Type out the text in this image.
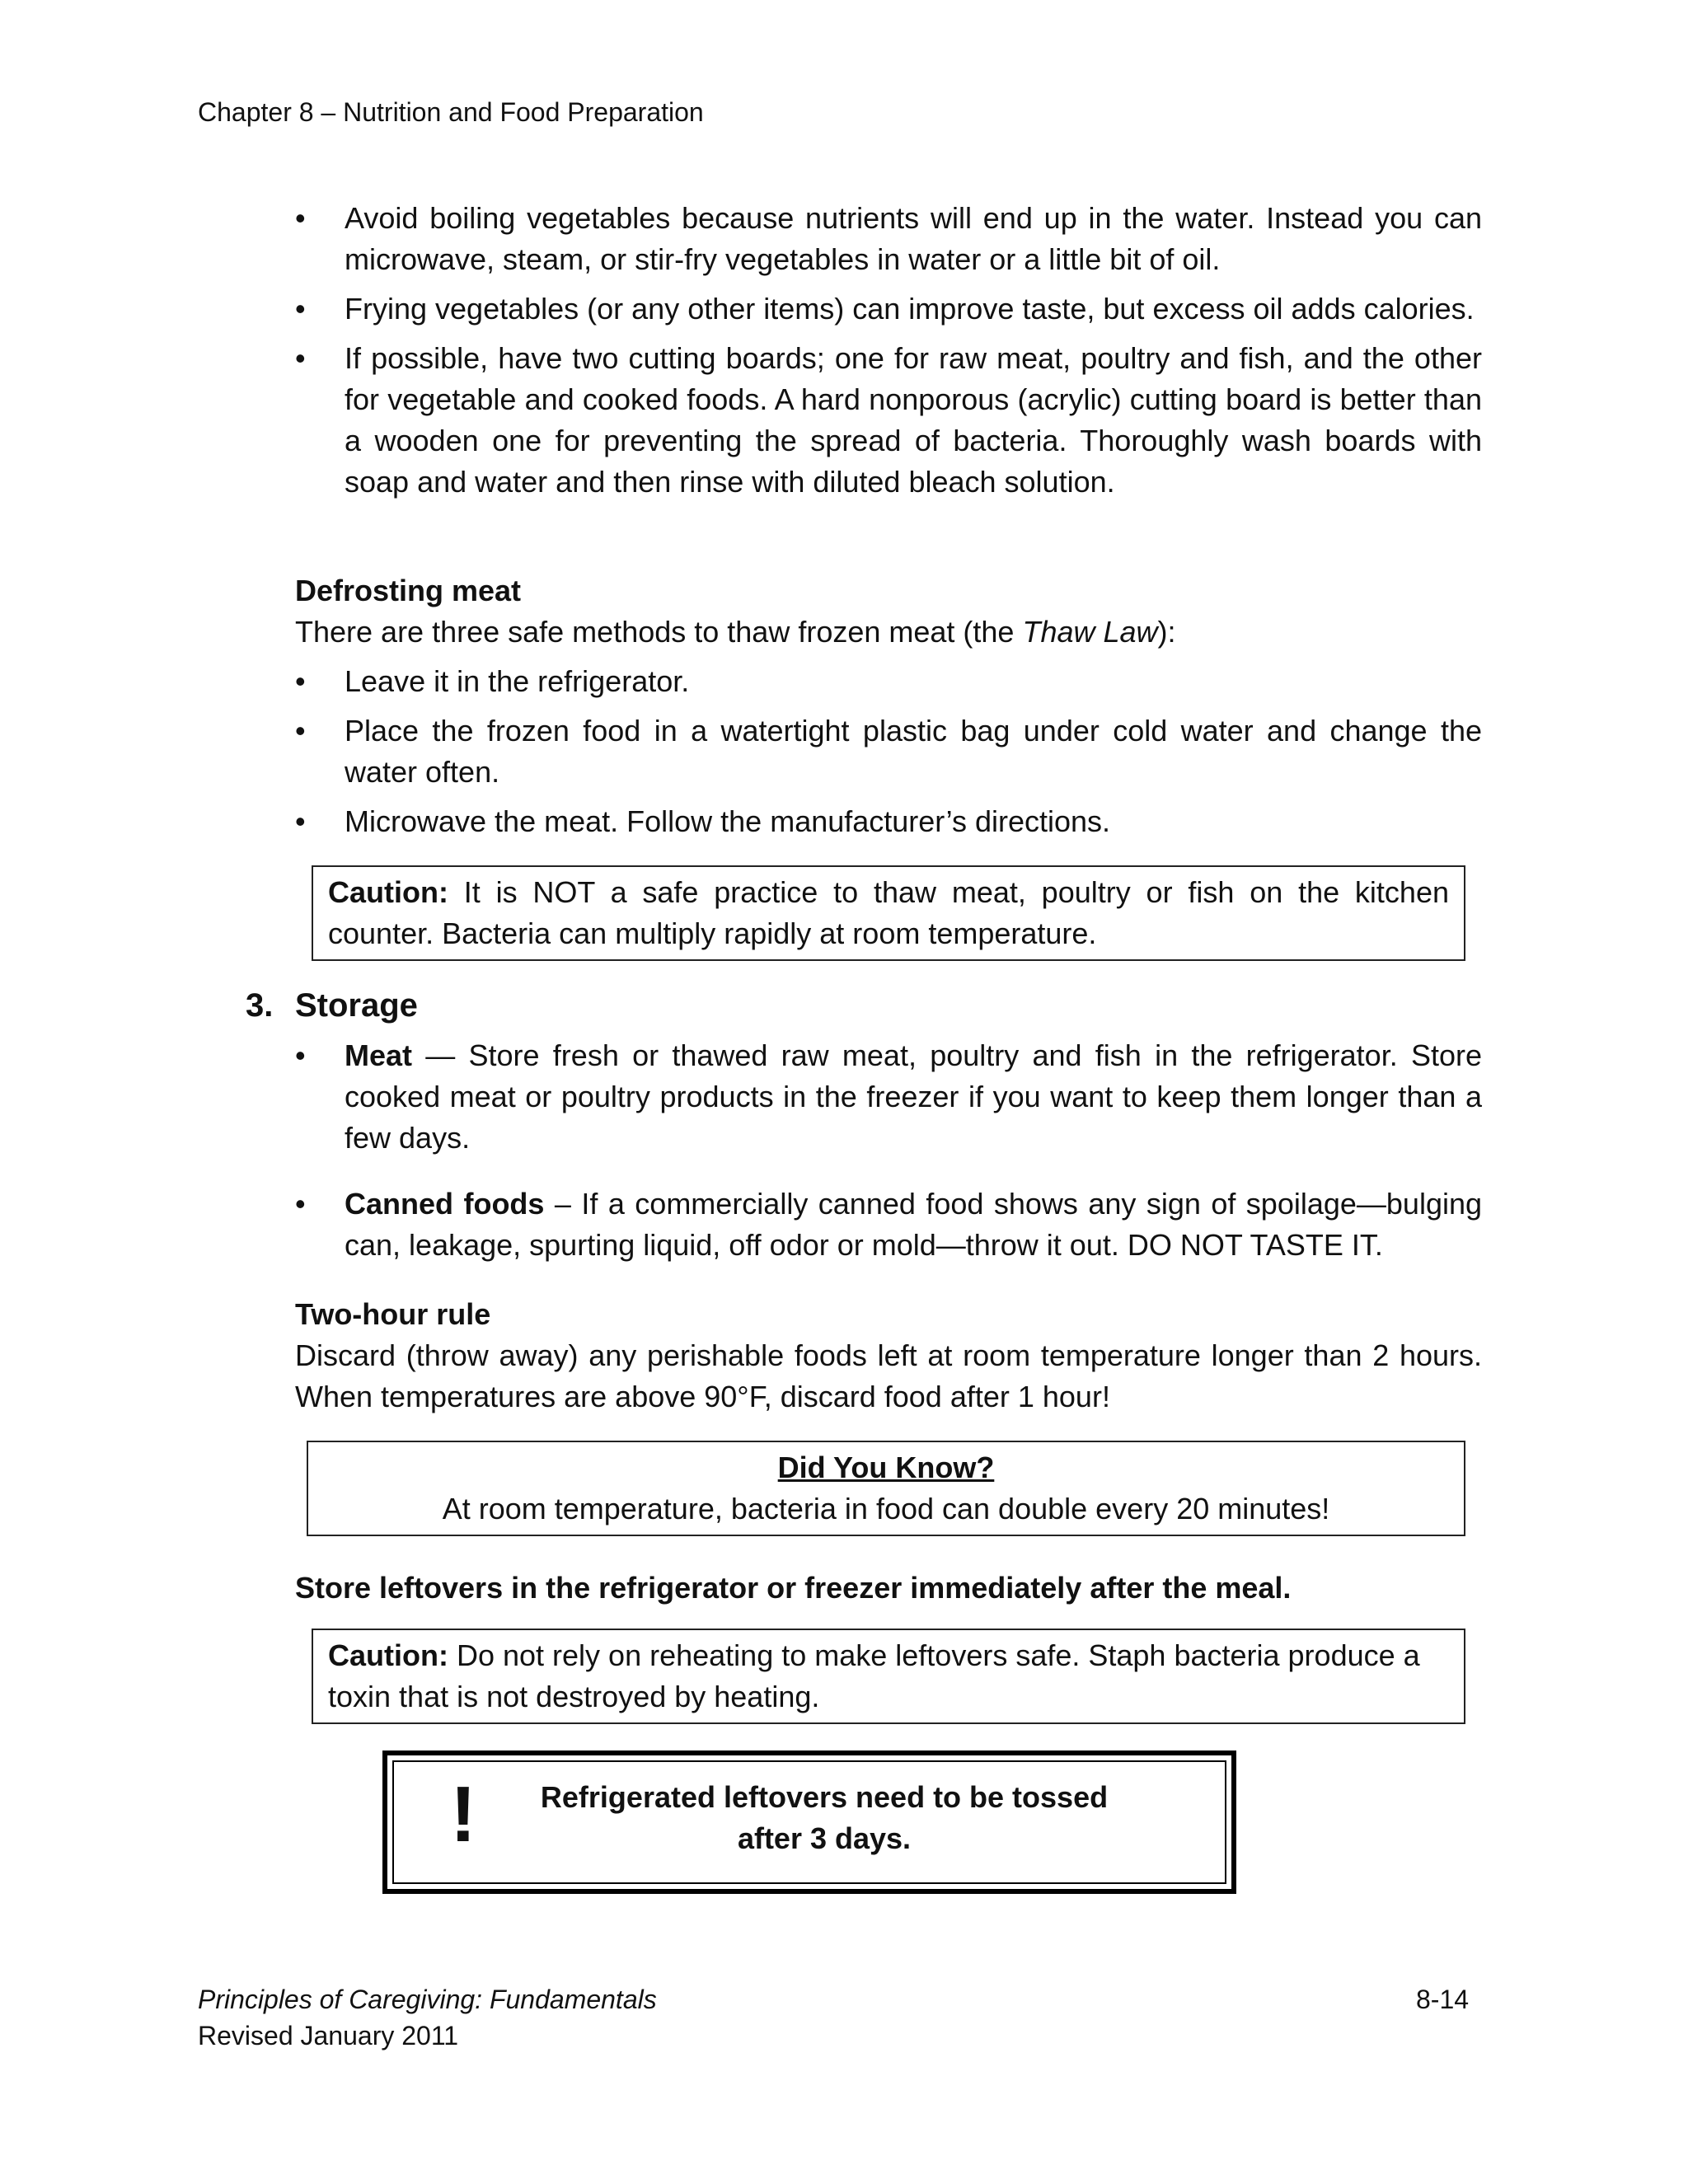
Chapter 8 – Nutrition and Food Preparation
• Avoid boiling vegetables because nutrients will end up in the water. Instead you can microwave, steam, or stir-fry vegetables in water or a little bit of oil.
• Frying vegetables (or any other items) can improve taste, but excess oil adds calories.
• If possible, have two cutting boards; one for raw meat, poultry and fish, and the other for vegetable and cooked foods. A hard nonporous (acrylic) cutting board is better than a wooden one for preventing the spread of bacteria. Thoroughly wash boards with soap and water and then rinse with diluted bleach solution.
Defrosting meat
There are three safe methods to thaw frozen meat (the Thaw Law):
• Leave it in the refrigerator.
• Place the frozen food in a watertight plastic bag under cold water and change the water often.
• Microwave the meat. Follow the manufacturer’s directions.
Caution: It is NOT a safe practice to thaw meat, poultry or fish on the kitchen counter. Bacteria can multiply rapidly at room temperature.
3. Storage
• Meat — Store fresh or thawed raw meat, poultry and fish in the refrigerator. Store cooked meat or poultry products in the freezer if you want to keep them longer than a few days.
• Canned foods – If a commercially canned food shows any sign of spoilage—bulging can, leakage, spurting liquid, off odor or mold—throw it out. DO NOT TASTE IT.
Two-hour rule
Discard (throw away) any perishable foods left at room temperature longer than 2 hours. When temperatures are above 90°F, discard food after 1 hour!
Did You Know?
At room temperature, bacteria in food can double every 20 minutes!
Store leftovers in the refrigerator or freezer immediately after the meal.
Caution: Do not rely on reheating to make leftovers safe. Staph bacteria produce a toxin that is not destroyed by heating.
!	Refrigerated leftovers need to be tossed
after 3 days.
Principles of Caregiving: Fundamentals
Revised January 2011
8-14
